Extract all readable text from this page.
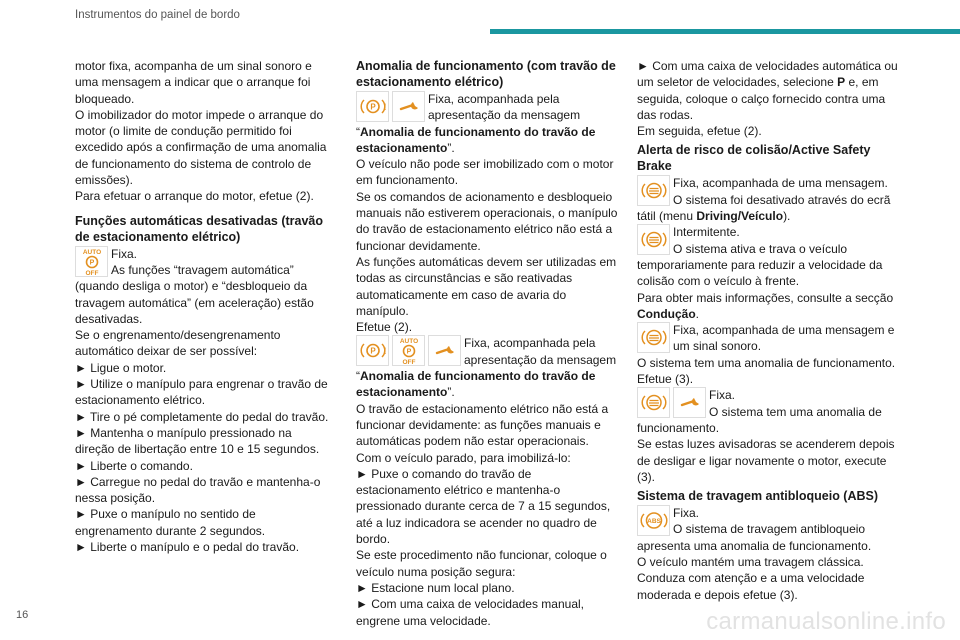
Instrumentos do painel de bordo

motor fixa, acompanha de um sinal sonoro e uma mensagem a indicar que o arranque foi bloqueado.

O imobilizador do motor impede o arranque do motor (o limite de condução permitido foi excedido após a confirmação de uma anomalia de funcionamento do sistema de controlo de emissões).

Para efetuar o arranque do motor, efetue (2).

Funções automáticas desativadas (travão de estacionamento elétrico)
AUTO
P
OFF
Fixa.
As funções “travagem automática” (quando desliga o motor) e “desbloqueio da travagem automática” (em aceleração) estão desativadas.

Se o engrenamento/desengrenamento automático deixar de ser possível:

► Ligue o motor.

► Utilize o manípulo para engrenar o travão de estacionamento elétrico.

► Tire o pé completamente do pedal do travão.

► Mantenha o manípulo pressionado na direção de libertação entre 10 e 15 segundos.

► Liberte o comando.

► Carregue no pedal do travão e mantenha-o nessa posição.

► Puxe o manípulo no sentido de engrenamento durante 2 segundos.

► Liberte o manípulo e o pedal do travão.

Anomalia de funcionamento (com travão de estacionamento elétrico)
P !
Fixa, acompanhada pela apresentação da mensagem “Anomalia de funcionamento do travão de estacionamento”.

O veículo não pode ser imobilizado com o motor em funcionamento.

Se os comandos de acionamento e desbloqueio manuais não estiverem operacionais, o manípulo do travão de estacionamento elétrico não está a funcionar devidamente.

As funções automáticas devem ser utilizadas em todas as circunstâncias e são reativadas automaticamente em caso de avaria do manípulo.

Efetue (2).

P !
AUTO
P
OFF
Fixa, acompanhada pela apresentação da mensagem “Anomalia de funcionamento do travão de estacionamento”.

O travão de estacionamento elétrico não está a funcionar devidamente: as funções manuais e automáticas podem não estar operacionais.

Com o veículo parado, para imobilizá-lo:

► Puxe o comando do travão de estacionamento elétrico e mantenha-o pressionado durante cerca de 7 a 15 segundos, até a luz indicadora se acender no quadro de bordo.

Se este procedimento não funcionar, coloque o veículo numa posição segura:

► Estacione num local plano.

► Com uma caixa de velocidades manual, engrene uma velocidade.

► Com uma caixa de velocidades automática ou um seletor de velocidades, selecione P e, em seguida, coloque o calço fornecido contra uma das rodas.

Em seguida, efetue (2).

Alerta de risco de colisão/Active Safety Brake
Fixa, acompanhada de uma mensagem.
O sistema foi desativado através do ecrã tátil (menu Driving/Veículo).
Intermitente.
O sistema ativa e trava o veículo temporariamente para reduzir a velocidade da colisão com o veículo à frente.

Para obter mais informações, consulte a secção

Condução.

Fixa, acompanhada de uma mensagem e um sinal sonoro.

O sistema tem uma anomalia de funcionamento.

Efetue (3).

Fixa.
O sistema tem uma anomalia de funcionamento.

Se estas luzes avisadoras se acenderem depois de desligar e ligar novamente o motor, execute (3).

Sistema de travagem antibloqueio (ABS)
ABS
Fixa.
O sistema de travagem antibloqueio apresenta uma anomalia de funcionamento.

O veículo mantém uma travagem clássica.

Conduza com atenção e a uma velocidade moderada e depois efetue (3).

16	carmanualsonline.info
